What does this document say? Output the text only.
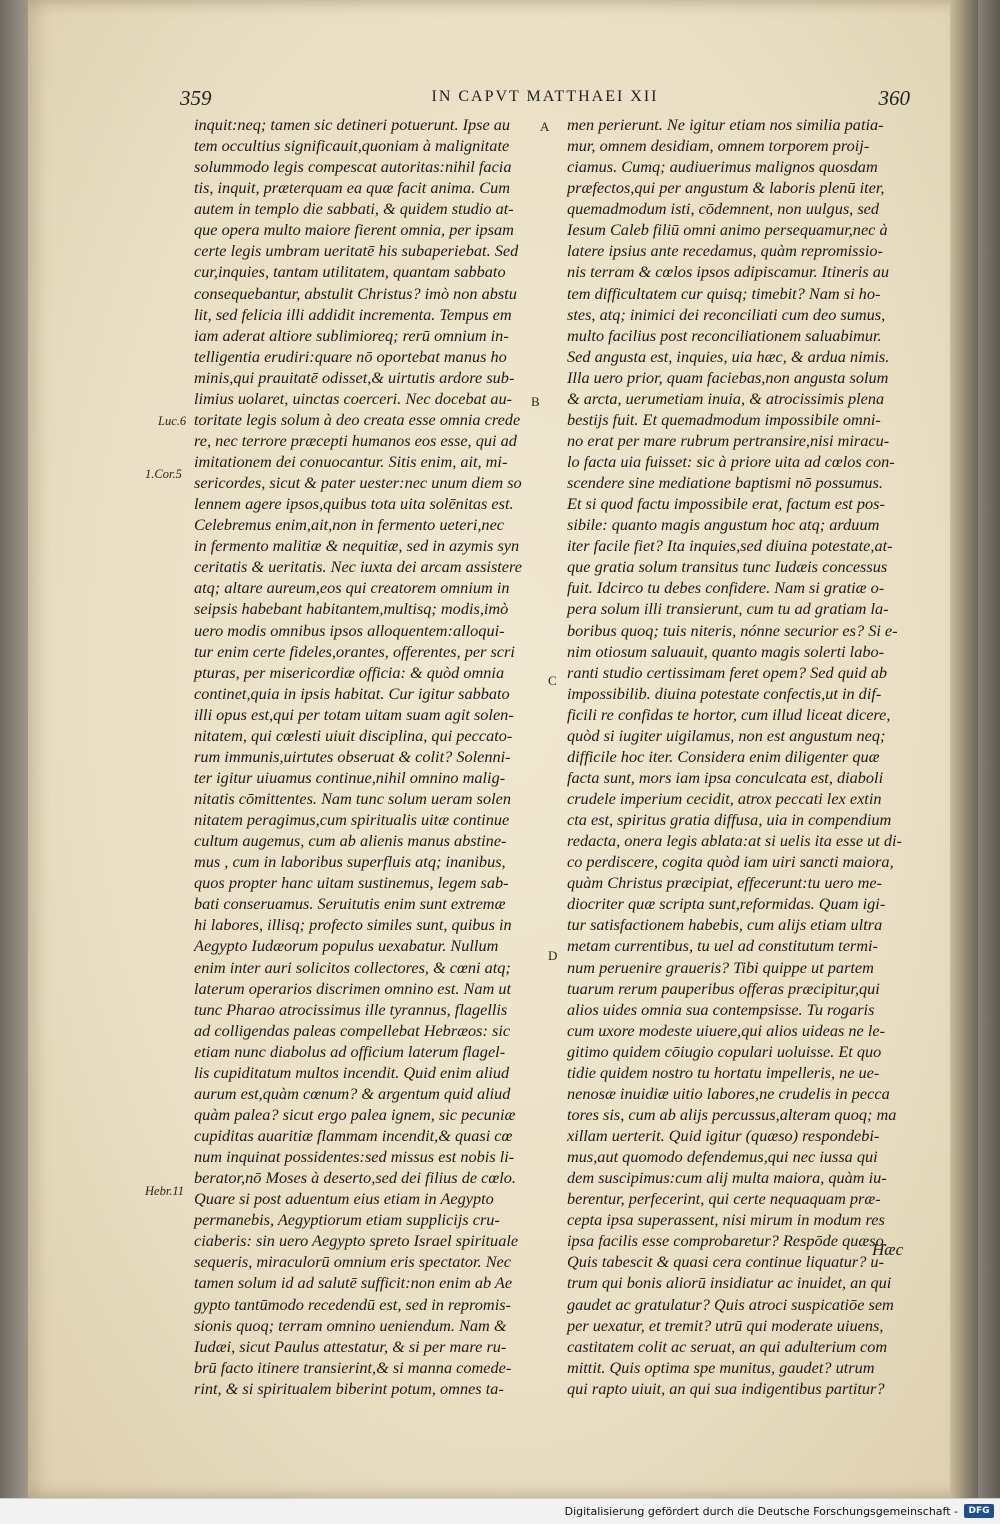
359	IN CAPVT MATTHAEI XII	360
inquit:neq; tamen sic detineri potuerunt. Ipse au
tem occultius significauit,quoniam à malignitate
solummodo legis compescat autoritas:nihil facia
tis, inquit, præterquam ea quæ facit anima. Cum
autem in templo die sabbati, & quidem studio at-
que opera multo maiore fierent omnia, per ipsam
certe legis umbram ueritatē his subaperiebat. Sed
cur,inquies, tantam utilitatem, quantam sabbato
consequebantur, abstulit Christus? imò non abstu
lit, sed felicia illi addidit incrementa. Tempus em
iam aderat altiore sublimioreq; rerū omnium in-
telligentia erudiri:quare nō oportebat manus ho
minis,qui prauitatē odisset,& uirtutis ardore sub-
limius uolaret, uinctas coerceri. Nec docebat au-
toritate legis solum à deo creata esse omnia crede
re, nec terrore præcepti humanos eos esse, qui ad
imitationem dei conuocantur. Sitis enim, ait, mi-
sericordes, sicut & pater uester:nec unum diem so
lennem agere ipsos,quibus tota uita solēnitas est.
Celebremus enim,ait,non in fermento ueteri,nec
in fermento malitiæ & nequitiæ, sed in azymis syn
ceritatis & ueritatis. Nec iuxta dei arcam assistere
atq; altare aureum,eos qui creatorem omnium in
seipsis habebant habitantem,multisq; modis,imò
uero modis omnibus ipsos alloquentem:alloqui-
tur enim certe fideles,orantes, offerentes, per scri
pturas, per misericordiæ officia: & quòd omnia
continet,quia in ipsis habitat. Cur igitur sabbato
illi opus est,qui per totam uitam suam agit solen-
nitatem, qui cœlesti uiuit disciplina, qui peccato-
rum immunis,uirtutes obseruat & colit? Solenni-
ter igitur uiuamus continue,nihil omnino malig-
nitatis cōmittentes. Nam tunc solum ueram solen
nitatem peragimus,cum spiritualis uitæ continue
cultum augemus, cum ab alienis manus abstine-
mus , cum in laboribus superfluis atq; inanibus,
quos propter hanc uitam sustinemus, legem sab-
bati conseruamus. Seruitutis enim sunt extremæ
hi labores, illisq; profecto similes sunt, quibus in
Aegypto Iudæorum populus uexabatur. Nullum
enim inter auri solicitos collectores, & cœni atq;
laterum operarios discrimen omnino est. Nam ut
tunc Pharao atrocissimus ille tyrannus, flagellis
ad colligendas paleas compellebat Hebræos: sic
etiam nunc diabolus ad officium laterum flagel-
lis cupiditatum multos incendit. Quid enim aliud
aurum est,quàm cœnum? & argentum quid aliud
quàm palea? sicut ergo palea ignem, sic pecuniæ
cupiditas auaritiæ flammam incendit,& quasi cœ
num inquinat possidentes:sed missus est nobis li-
berator,nō Moses à deserto,sed dei filius de cœlo.
Quare si post aduentum eius etiam in Aegypto
permanebis, Aegyptiorum etiam supplicijs cru-
ciaberis: sin uero Aegypto spreto Israel spirituale
sequeris, miraculorū omnium eris spectator. Nec
tamen solum id ad salutē sufficit:non enim ab Ae
gypto tantūmodo recedendū est, sed in repromis-
sionis quoq; terram omnino ueniendum. Nam &
Iudæi, sicut Paulus attestatur, & si per mare ru-
brū facto itinere transierint,& si manna comede-
rint, & si spiritualem biberint potum, omnes ta-
men perierunt. Ne igitur etiam nos similia patia-
mur, omnem desidiam, omnem torporem proij-
ciamus. Cumq; audiuerimus malignos quosdam
præfectos,qui per angustum & laboris plenū iter,
quemadmodum isti, cōdemnent, non uulgus, sed
Iesum Caleb filiū omni animo persequamur,nec à
latere ipsius ante recedamus, quàm repromissio-
nis terram & cœlos ipsos adipiscamur. Itineris au
tem difficultatem cur quisq; timebit? Nam si ho-
stes, atq; inimici dei reconciliati cum deo sumus,
multo facilius post reconciliationem saluabimur.
Sed angusta est, inquies, uia hæc, & ardua nimis.
Illa uero prior, quam faciebas,non angusta solum
& arcta, uerumetiam inuia, & atrocissimis plena
bestijs fuit. Et quemadmodum impossibile omni-
no erat per mare rubrum pertransire,nisi miracu-
lo facta uia fuisset: sic à priore uita ad cœlos con-
scendere sine mediatione baptismi nō possumus.
Et si quod factu impossibile erat, factum est pos-
sibile: quanto magis angustum hoc atq; arduum
iter facile fiet? Ita inquies,sed diuina potestate,at-
que gratia solum transitus tunc Iudæis concessus
fuit. Idcirco tu debes confidere. Nam si gratiæ o-
pera solum illi transierunt, cum tu ad gratiam la-
boribus quoq; tuis niteris, nónne securior es? Si e-
nim otiosum saluauit, quanto magis solerti labo-
ranti studio certissimam feret opem? Sed quid ab
impossibilib. diuina potestate confectis,ut in dif-
ficili re confidas te hortor, cum illud liceat dicere,
quòd si iugiter uigilamus, non est angustum neq;
difficile hoc iter. Considera enim diligenter quæ
facta sunt, mors iam ipsa conculcata est, diaboli
crudele imperium cecidit, atrox peccati lex extin
cta est, spiritus gratia diffusa, uia in compendium
redacta, onera legis ablata:at si uelis ita esse ut di-
co perdiscere, cogita quòd iam uiri sancti maiora,
quàm Christus præcipiat, effecerunt:tu uero me-
diocriter quæ scripta sunt,reformidas. Quam igi-
tur satisfactionem habebis, cum alijs etiam ultra
metam currentibus, tu uel ad constitutum termi-
num peruenire graueris? Tibi quippe ut partem
tuarum rerum pauperibus offeras præcipitur,qui
alios uides omnia sua contempsisse. Tu rogaris
cum uxore modeste uiuere,qui alios uideas ne le-
gitimo quidem cōiugio copulari uoluisse. Et quo
tidie quidem nostro tu hortatu impelleris, ne ue-
nenosæ inuidiæ uitio labores,ne crudelis in pecca
tores sis, cum ab alijs percussus,alteram quoq; ma
xillam uerterit. Quid igitur (quæso) respondebi-
mus,aut quomodo defendemus,qui nec iussa qui
dem suscipimus:cum alij multa maiora, quàm iu-
berentur, perfecerint, qui certe nequaquam præ-
cepta ipsa superassent, nisi mirum in modum res
ipsa facilis esse comprobaretur? Respōde quæso.
Quis tabescit & quasi cera continue liquatur? u-
trum qui bonis aliorū insidiatur ac inuidet, an qui
gaudet ac gratulatur? Quis atroci suspicatiōe sem
per uexatur, et tremit? utrū qui moderate uiuens,
castitatem colit ac seruat, an qui adulterium com
mittit. Quis optima spe munitus, gaudet? utrum
qui rapto uiuit, an qui sua indigentibus partitur?
Luc.6
1.Cor.5
Hebr.11
A
B
C
D
Hæc
Digitalisierung gefördert durch die Deutsche Forschungsgemeinschaft -	DFG
